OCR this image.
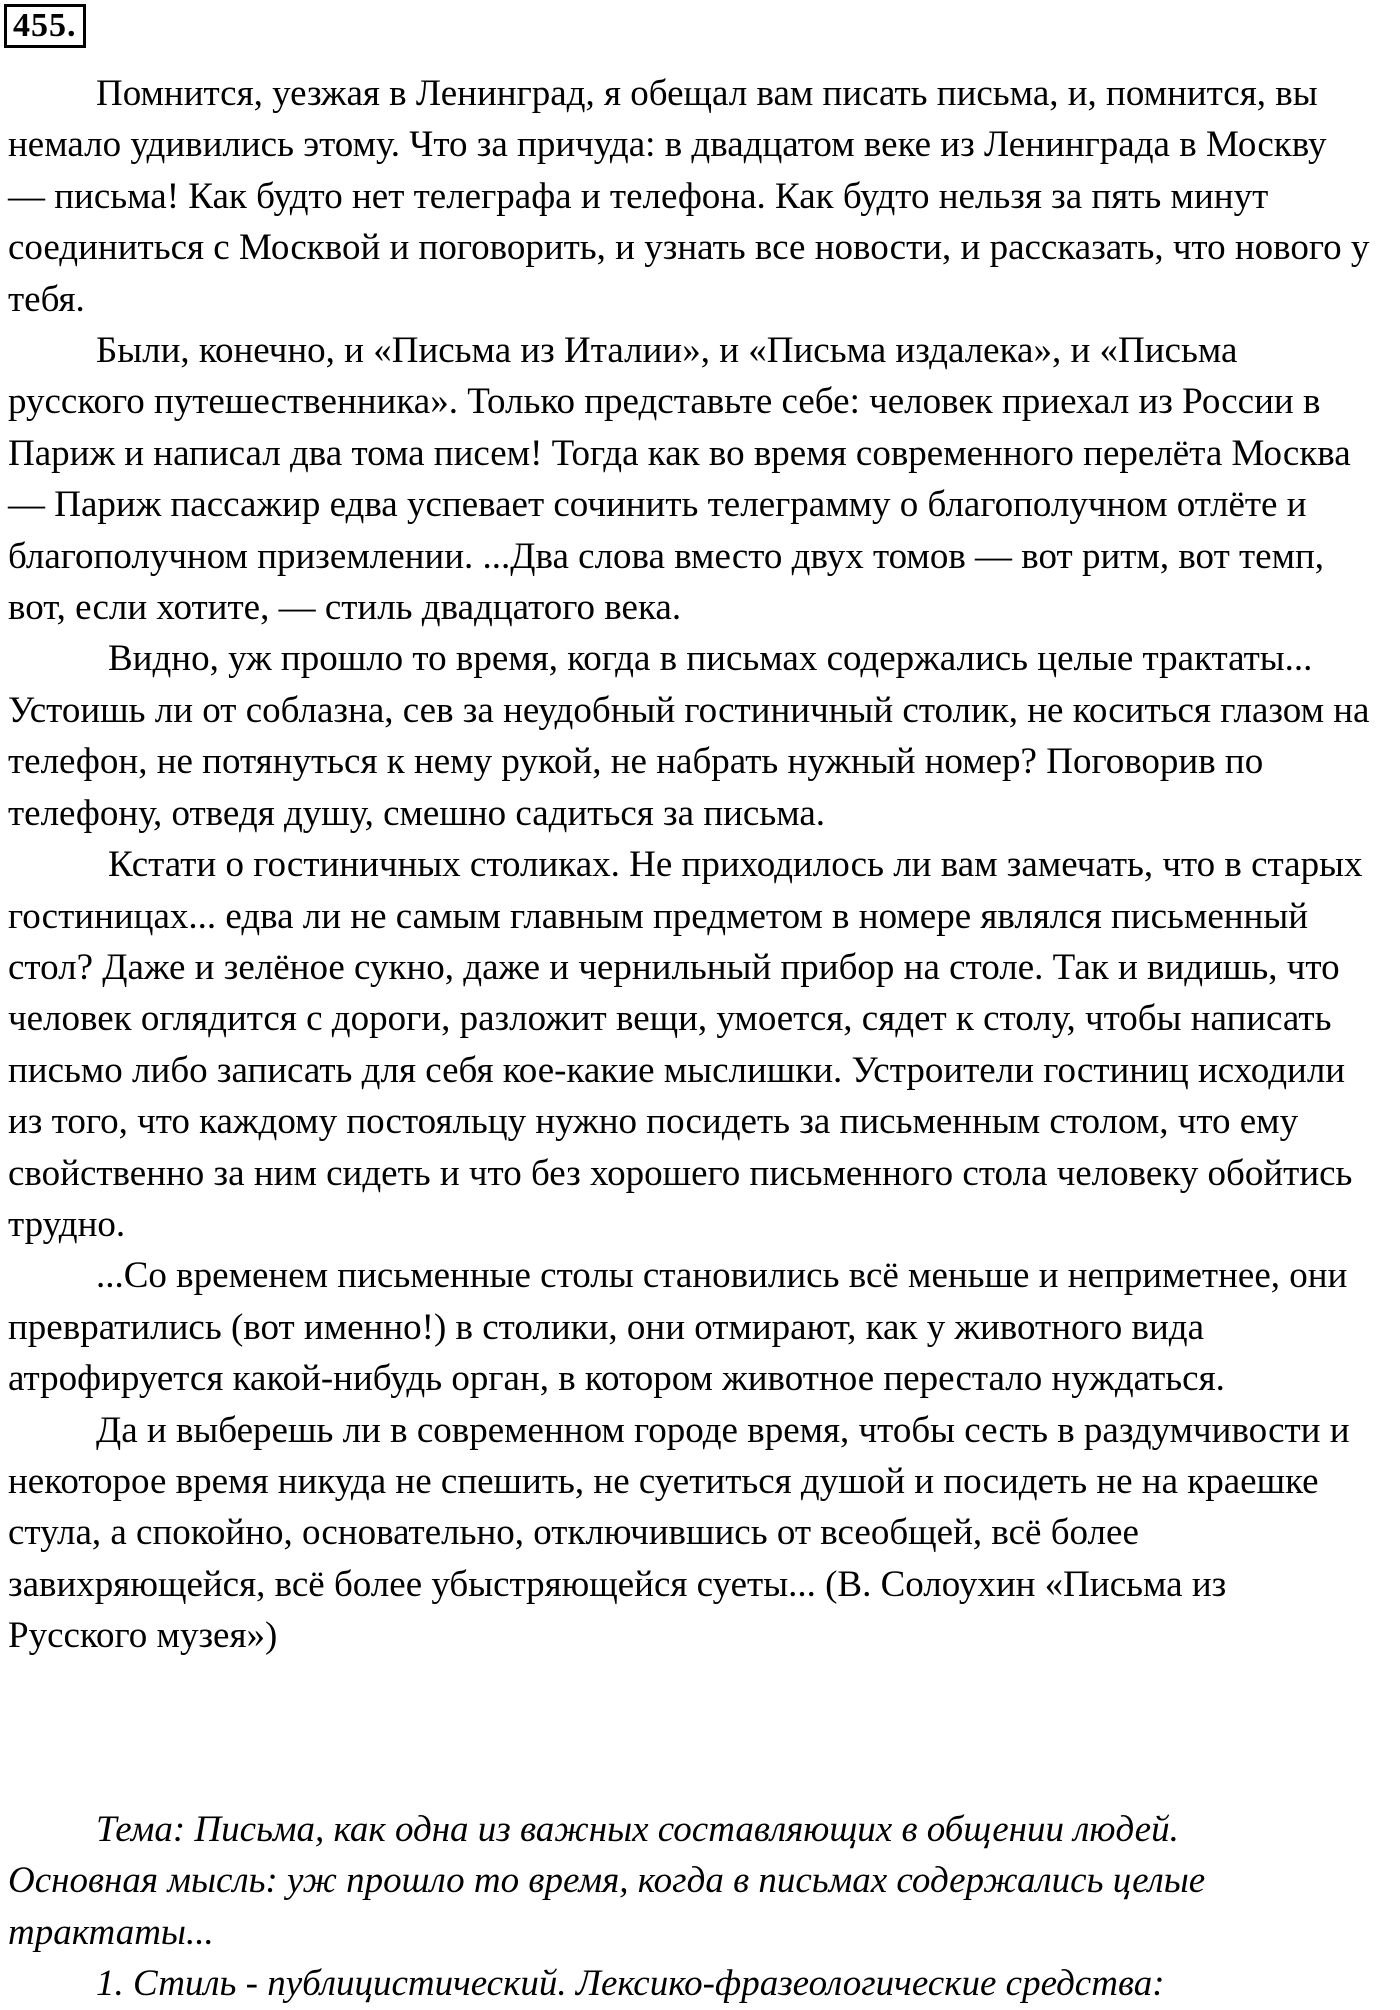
455.

Помнится, уезжая в Ленинград, я обещал вам писать письма, и, помнится, вы немало удивились этому. Что за причуда: в двадцатом веке из Ленинграда в Москву — письма! Как будто нет телеграфа и телефона. Как будто нельзя за пять минут соединиться с Москвой и поговорить, и узнать все новости, и рассказать, что нового у тебя.

Были, конечно, и «Письма из Италии», и «Письма издалека», и «Письма русского путешественника». Только представьте себе: человек приехал из России в Париж и написал два тома писем! Тогда как во время современного перелёта Москва — Париж пассажир едва успевает сочинить телеграмму о благополучном отлёте и благополучном приземлении. ...Два слова вместо двух томов — вот ритм, вот темп, вот, если хотите, — стиль двадцатого века.

Видно, уж прошло то время, когда в письмах содержались целые трактаты... Устоишь ли от соблазна, сев за неудобный гостиничный столик, не коситься глазом на телефон, не потянуться к нему рукой, не набрать нужный номер? Поговорив по телефону, отведя душу, смешно садиться за письма.

Кстати о гостиничных столиках. Не приходилось ли вам замечать, что в старых гостиницах... едва ли не самым главным предметом в номере являлся письменный стол? Даже и зелёное сукно, даже и чернильный прибор на столе. Так и видишь, что человек оглядится с дороги, разложит вещи, умоется, сядет к столу, чтобы написать письмо либо записать для себя кое-какие мыслишки. Устроители гостиниц исходили из того, что каждому постояльцу нужно посидеть за письменным столом, что ему свойственно за ним сидеть и что без хорошего письменного стола человеку обойтись трудно.

...Со временем письменные столы становились всё меньше и неприметнее, они превратились (вот именно!) в столики, они отмирают, как у животного вида атрофируется какой-нибудь орган, в котором животное перестало нуждаться.

Да и выберешь ли в современном городе время, чтобы сесть в раздумчивости и некоторое время никуда не спешить, не суетиться душой и посидеть не на краешке стула, а спокойно, основательно, отключившись от всеобщей, всё более завихряющейся, всё более убыстряющейся суеты... (В. Солоухин «Письма из Русского музея»)

Тема: Письма, как одна из важных составляющих в общении людей.

Основная мысль: уж прошло то время, когда в письмах содержались целые трактаты...

1. Стиль - публицистический. Лексико-фразеологические средства:
